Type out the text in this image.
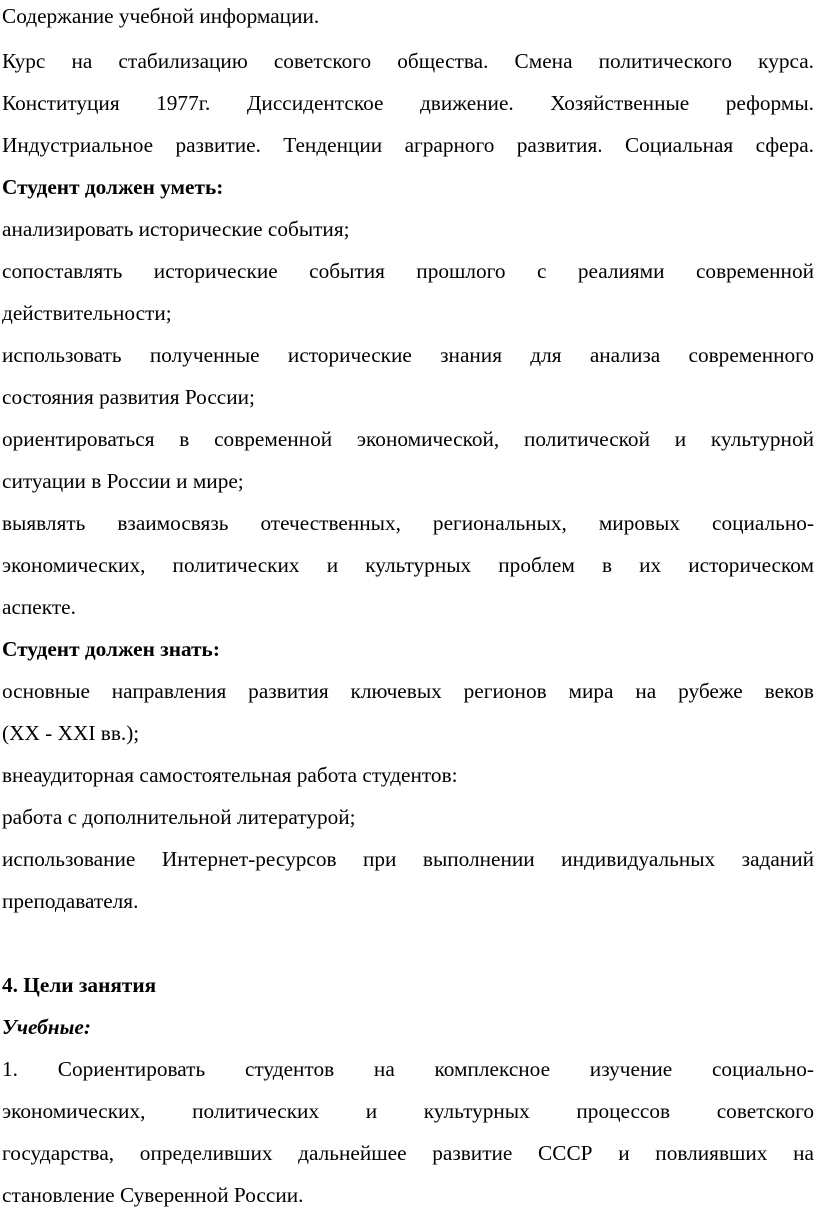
Содержание учебной информации.
Курс на стабилизацию советского общества. Смена политического курса.
Конституция 1977г. Диссидентское движение. Хозяйственные реформы.
Индустриальное развитие. Тенденции аграрного развития. Социальная сфера.
Студент должен уметь:
анализировать исторические события;
сопоставлять исторические события прошлого с реалиями современной
действительности;
использовать полученные исторические знания для анализа современного
состояния развития России;
ориентироваться в современной экономической, политической и культурной
ситуации в России и мире;
выявлять взаимосвязь отечественных, региональных, мировых социально-
экономических, политических и культурных проблем в их историческом
аспекте.
Студент должен знать:
основные направления развития ключевых регионов мира на рубеже веков
(XX - XXI вв.);
внеаудиторная самостоятельная работа студентов:
работа с дополнительной литературой;
использование Интернет-ресурсов при выполнении индивидуальных заданий
преподавателя.
4. Цели занятия
Учебные:
1. Сориентировать студентов на комплексное изучение социально-
экономических, политических и культурных процессов советского
государства, определивших дальнейшее развитие СССР и повлиявших на
становление Суверенной России.
